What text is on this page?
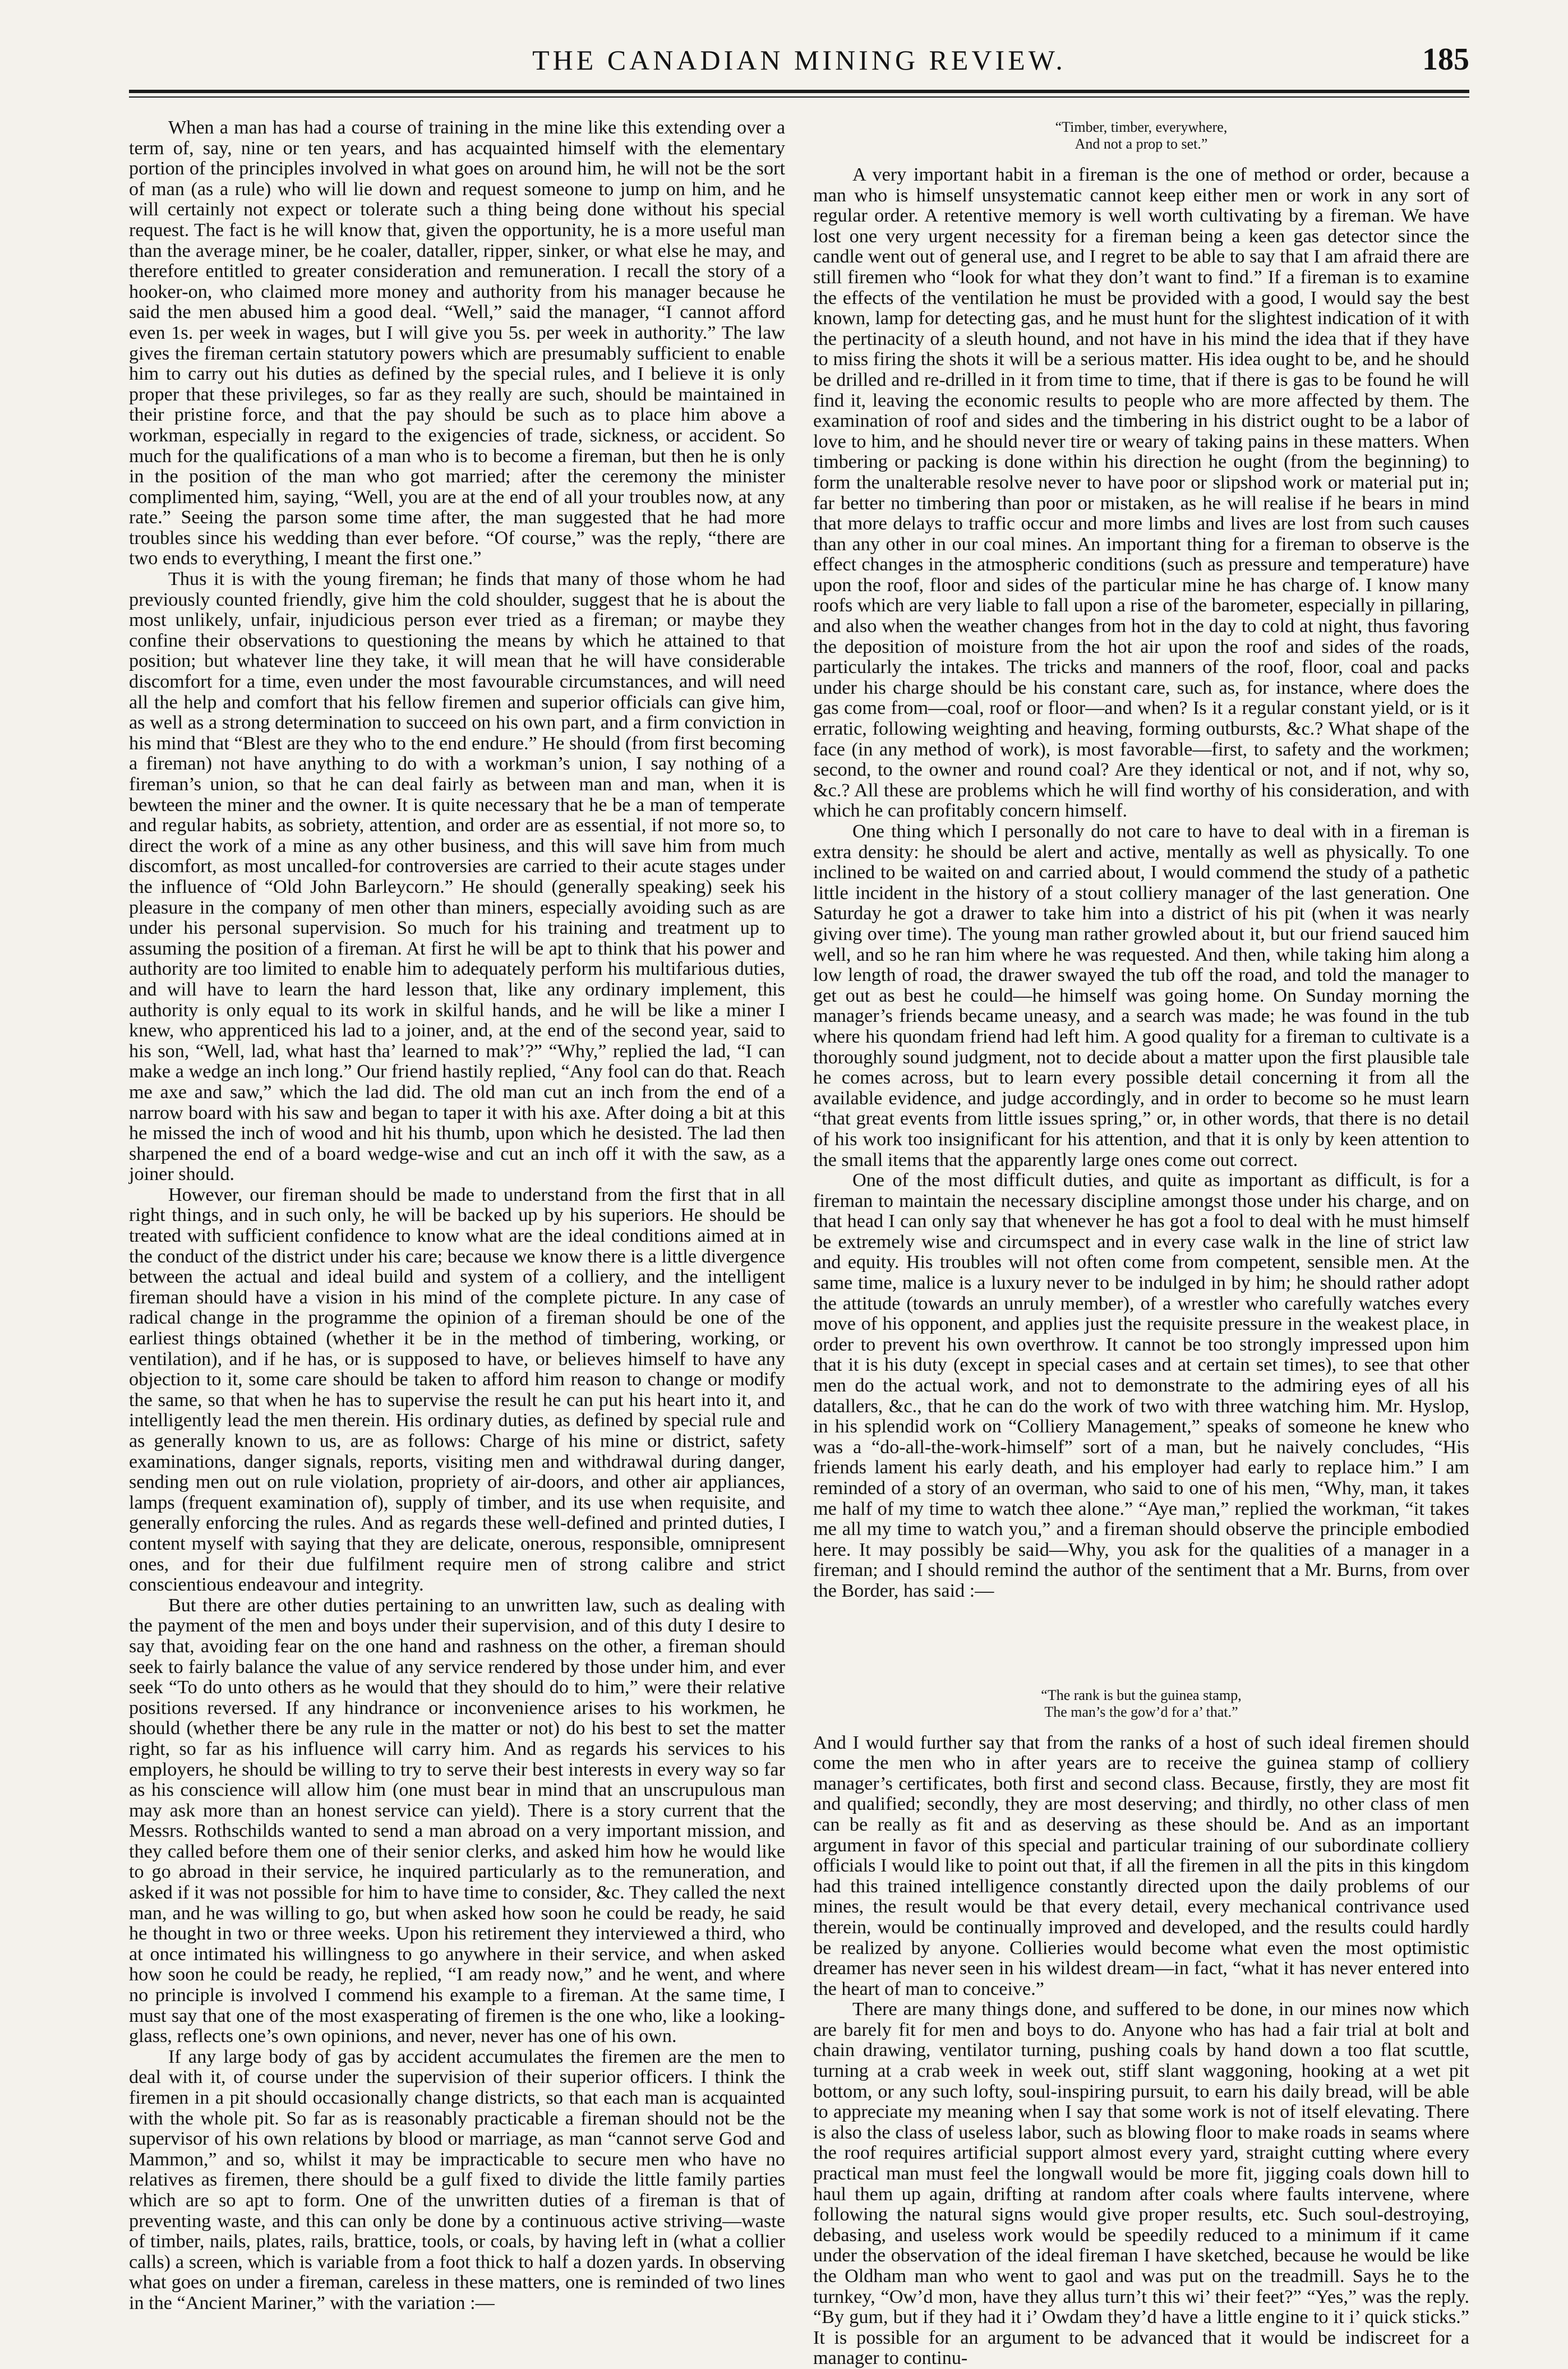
THE CANADIAN MINING REVIEW.	185

When a man has had a course of training in the mine like this extending over a term of, say, nine or ten years, and has acquainted himself with the elementary portion of the principles involved in what goes on around him, he will not be the sort of man (as a rule) who will lie down and request someone to jump on him, and he will certainly not expect or tolerate such a thing being done without his special request. The fact is he will know that, given the opportunity, he is a more useful man than the average miner, be he coaler, dataller, ripper, sinker, or what else he may, and therefore entitled to greater consideration and remuneration. I recall the story of a hooker-on, who claimed more money and authority from his manager because he said the men abused him a good deal. “Well,” said the manager, “I cannot afford even 1s. per week in wages, but I will give you 5s. per week in authority.” The law gives the fireman certain statutory powers which are presumably sufficient to enable him to carry out his duties as defined by the special rules, and I believe it is only proper that these privileges, so far as they really are such, should be maintained in their pristine force, and that the pay should be such as to place him above a workman, especially in regard to the exigencies of trade, sickness, or accident. So much for the qualifications of a man who is to become a fireman, but then he is only in the position of the man who got married; after the ceremony the minister complimented him, saying, “Well, you are at the end of all your troubles now, at any rate.” Seeing the parson some time after, the man suggested that he had more troubles since his wedding than ever before. “Of course,” was the reply, “there are two ends to everything, I meant the first one.”

Thus it is with the young fireman; he finds that many of those whom he had previously counted friendly, give him the cold shoulder, suggest that he is about the most unlikely, unfair, injudicious person ever tried as a fireman; or maybe they confine their observations to questioning the means by which he attained to that position; but whatever line they take, it will mean that he will have considerable discomfort for a time, even under the most favourable circumstances, and will need all the help and comfort that his fellow firemen and superior officials can give him, as well as a strong determination to succeed on his own part, and a firm conviction in his mind that “Blest are they who to the end endure.” He should (from first becoming a fireman) not have anything to do with a workman’s union, I say nothing of a fireman’s union, so that he can deal fairly as between man and man, when it is bewteen the miner and the owner. It is quite necessary that he be a man of temperate and regular habits, as sobriety, attention, and order are as essential, if not more so, to direct the work of a mine as any other business, and this will save him from much discomfort, as most uncalled-for controversies are carried to their acute stages under the influence of “Old John Barleycorn.” He should (generally speaking) seek his pleasure in the company of men other than miners, especially avoiding such as are under his personal supervision. So much for his training and treatment up to assuming the position of a fireman. At first he will be apt to think that his power and authority are too limited to enable him to adequately perform his multifarious duties, and will have to learn the hard lesson that, like any ordinary implement, this authority is only equal to its work in skilful hands, and he will be like a miner I knew, who apprenticed his lad to a joiner, and, at the end of the second year, said to his son, “Well, lad, what hast tha’ learned to mak’?” “Why,” replied the lad, “I can make a wedge an inch long.” Our friend hastily replied, “Any fool can do that. Reach me axe and saw,” which the lad did. The old man cut an inch from the end of a narrow board with his saw and began to taper it with his axe. After doing a bit at this he missed the inch of wood and hit his thumb, upon which he desisted. The lad then sharpened the end of a board wedge-wise and cut an inch off it with the saw, as a joiner should.

However, our fireman should be made to understand from the first that in all right things, and in such only, he will be backed up by his superiors. He should be treated with sufficient confidence to know what are the ideal conditions aimed at in the conduct of the district under his care; because we know there is a little divergence between the actual and ideal build and system of a colliery, and the intelligent fireman should have a vision in his mind of the complete picture. In any case of radical change in the programme the opinion of a fireman should be one of the earliest things obtained (whether it be in the method of timbering, working, or ventilation), and if he has, or is supposed to have, or believes himself to have any objection to it, some care should be taken to afford him reason to change or modify the same, so that when he has to supervise the result he can put his heart into it, and intelligently lead the men therein. His ordinary duties, as defined by special rule and as generally known to us, are as follows: Charge of his mine or district, safety examinations, danger signals, reports, visiting men and withdrawal during danger, sending men out on rule violation, propriety of air-doors, and other air appliances, lamps (frequent examination of), supply of timber, and its use when requisite, and generally enforcing the rules. And as regards these well-defined and printed duties, I content myself with saying that they are delicate, onerous, responsible, omnipresent ones, and for their due fulfilment require men of strong calibre and strict conscientious endeavour and integrity.

But there are other duties pertaining to an unwritten law, such as dealing with the payment of the men and boys under their supervision, and of this duty I desire to say that, avoiding fear on the one hand and rashness on the other, a fireman should seek to fairly balance the value of any service rendered by those under him, and ever seek “To do unto others as he would that they should do to him,” were their relative positions reversed. If any hindrance or inconvenience arises to his workmen, he should (whether there be any rule in the matter or not) do his best to set the matter right, so far as his influence will carry him. And as regards his services to his employers, he should be willing to try to serve their best interests in every way so far as his conscience will allow him (one must bear in mind that an unscrupulous man may ask more than an honest service can yield). There is a story current that the Messrs. Rothschilds wanted to send a man abroad on a very important mission, and they called before them one of their senior clerks, and asked him how he would like to go abroad in their service, he inquired particularly as to the remuneration, and asked if it was not possible for him to have time to consider, &c. They called the next man, and he was willing to go, but when asked how soon he could be ready, he said he thought in two or three weeks. Upon his retirement they interviewed a third, who at once intimated his willingness to go anywhere in their service, and when asked how soon he could be ready, he replied, “I am ready now,” and he went, and where no principle is involved I commend his example to a fireman. At the same time, I must say that one of the most exasperating of firemen is the one who, like a looking-glass, reflects one’s own opinions, and never, never has one of his own.

If any large body of gas by accident accumulates the firemen are the men to deal with it, of course under the supervision of their superior officers. I think the firemen in a pit should occasionally change districts, so that each man is acquainted with the whole pit. So far as is reasonably practicable a fireman should not be the supervisor of his own relations by blood or marriage, as man “cannot serve God and Mammon,” and so, whilst it may be impracticable to secure men who have no relatives as firemen, there should be a gulf fixed to divide the little family parties which are so apt to form. One of the unwritten duties of a fireman is that of preventing waste, and this can only be done by a continuous active striving—waste of timber, nails, plates, rails, brattice, tools, or coals, by having left in (what a collier calls) a screen, which is variable from a foot thick to half a dozen yards. In observing what goes on under a fireman, careless in these matters, one is reminded of two lines in the “Ancient Mariner,” with the variation :—

“Timber, timber, everywhere,
And not a prop to set.”

A very important habit in a fireman is the one of method or order, because a man who is himself unsystematic cannot keep either men or work in any sort of regular order. A retentive memory is well worth cultivating by a fireman. We have lost one very urgent necessity for a fireman being a keen gas detector since the candle went out of general use, and I regret to be able to say that I am afraid there are still firemen who “look for what they don’t want to find.” If a fireman is to examine the effects of the ventilation he must be provided with a good, I would say the best known, lamp for detecting gas, and he must hunt for the slightest indication of it with the pertinacity of a sleuth hound, and not have in his mind the idea that if they have to miss firing the shots it will be a serious matter. His idea ought to be, and he should be drilled and re-drilled in it from time to time, that if there is gas to be found he will find it, leaving the economic results to people who are more affected by them. The examination of roof and sides and the timbering in his district ought to be a labor of love to him, and he should never tire or weary of taking pains in these matters. When timbering or packing is done within his direction he ought (from the beginning) to form the unalterable resolve never to have poor or slipshod work or material put in; far better no timbering than poor or mistaken, as he will realise if he bears in mind that more delays to traffic occur and more limbs and lives are lost from such causes than any other in our coal mines. An important thing for a fireman to observe is the effect changes in the atmospheric conditions (such as pressure and temperature) have upon the roof, floor and sides of the particular mine he has charge of. I know many roofs which are very liable to fall upon a rise of the barometer, especially in pillaring, and also when the weather changes from hot in the day to cold at night, thus favoring the deposition of moisture from the hot air upon the roof and sides of the roads, particularly the intakes. The tricks and manners of the roof, floor, coal and packs under his charge should be his constant care, such as, for instance, where does the gas come from—coal, roof or floor—and when? Is it a regular constant yield, or is it erratic, following weighting and heaving, forming outbursts, &c.? What shape of the face (in any method of work), is most favorable—first, to safety and the workmen; second, to the owner and round coal? Are they identical or not, and if not, why so, &c.? All these are problems which he will find worthy of his consideration, and with which he can profitably concern himself.

One thing which I personally do not care to have to deal with in a fireman is extra density: he should be alert and active, mentally as well as physically. To one inclined to be waited on and carried about, I would commend the study of a pathetic little incident in the history of a stout colliery manager of the last generation. One Saturday he got a drawer to take him into a district of his pit (when it was nearly giving over time). The young man rather growled about it, but our friend sauced him well, and so he ran him where he was requested. And then, while taking him along a low length of road, the drawer swayed the tub off the road, and told the manager to get out as best he could—he himself was going home. On Sunday morning the manager’s friends became uneasy, and a search was made; he was found in the tub where his quondam friend had left him. A good quality for a fireman to cultivate is a thoroughly sound judgment, not to decide about a matter upon the first plausible tale he comes across, but to learn every possible detail concerning it from all the available evidence, and judge accordingly, and in order to become so he must learn “that great events from little issues spring,” or, in other words, that there is no detail of his work too insignificant for his attention, and that it is only by keen attention to the small items that the apparently large ones come out correct.

One of the most difficult duties, and quite as important as difficult, is for a fireman to maintain the necessary discipline amongst those under his charge, and on that head I can only say that whenever he has got a fool to deal with he must himself be extremely wise and circumspect and in every case walk in the line of strict law and equity. His troubles will not often come from competent, sensible men. At the same time, malice is a luxury never to be indulged in by him; he should rather adopt the attitude (towards an unruly member), of a wrestler who carefully watches every move of his opponent, and applies just the requisite pressure in the weakest place, in order to prevent his own overthrow. It cannot be too strongly impressed upon him that it is his duty (except in special cases and at certain set times), to see that other men do the actual work, and not to demonstrate to the admiring eyes of all his datallers, &c., that he can do the work of two with three watching him. Mr. Hyslop, in his splendid work on “Colliery Management,” speaks of someone he knew who was a “do-all-the-work-himself” sort of a man, but he naively concludes, “His friends lament his early death, and his employer had early to replace him.” I am reminded of a story of an overman, who said to one of his men, “Why, man, it takes me half of my time to watch thee alone.” “Aye man,” replied the workman, “it takes me all my time to watch you,” and a fireman should observe the principle embodied here. It may possibly be said—Why, you ask for the qualities of a manager in a fireman; and I should remind the author of the sentiment that a Mr. Burns, from over the Border, has said :—

“The rank is but the guinea stamp,
The man’s the gow’d for a’ that.”

And I would further say that from the ranks of a host of such ideal firemen should come the men who in after years are to receive the guinea stamp of colliery manager’s certificates, both first and second class. Because, firstly, they are most fit and qualified; secondly, they are most deserving; and thirdly, no other class of men can be really as fit and as deserving as these should be. And as an important argument in favor of this special and particular training of our subordinate colliery officials I would like to point out that, if all the firemen in all the pits in this kingdom had this trained intelligence constantly directed upon the daily problems of our mines, the result would be that every detail, every mechanical contrivance used therein, would be continually improved and developed, and the results could hardly be realized by anyone. Collieries would become what even the most optimistic dreamer has never seen in his wildest dream—in fact, “what it has never entered into the heart of man to conceive.”

There are many things done, and suffered to be done, in our mines now which are barely fit for men and boys to do. Anyone who has had a fair trial at bolt and chain drawing, ventilator turning, pushing coals by hand down a too flat scuttle, turning at a crab week in week out, stiff slant waggoning, hooking at a wet pit bottom, or any such lofty, soul-inspiring pursuit, to earn his daily bread, will be able to appreciate my meaning when I say that some work is not of itself elevating. There is also the class of useless labor, such as blowing floor to make roads in seams where the roof requires artificial support almost every yard, straight cutting where every practical man must feel the longwall would be more fit, jigging coals down hill to haul them up again, drifting at random after coals where faults intervene, where following the natural signs would give proper results, etc. Such soul-destroying, debasing, and useless work would be speedily reduced to a minimum if it came under the observation of the ideal fireman I have sketched, because he would be like the Oldham man who went to gaol and was put on the treadmill. Says he to the turnkey, “Ow’d mon, have they allus turn’t this wi’ their feet?” “Yes,” was the reply. “By gum, but if they had it i’ Owdam they’d have a little engine to it i’ quick sticks.” It is possible for an argument to be advanced that it would be indiscreet for a manager to continu-
